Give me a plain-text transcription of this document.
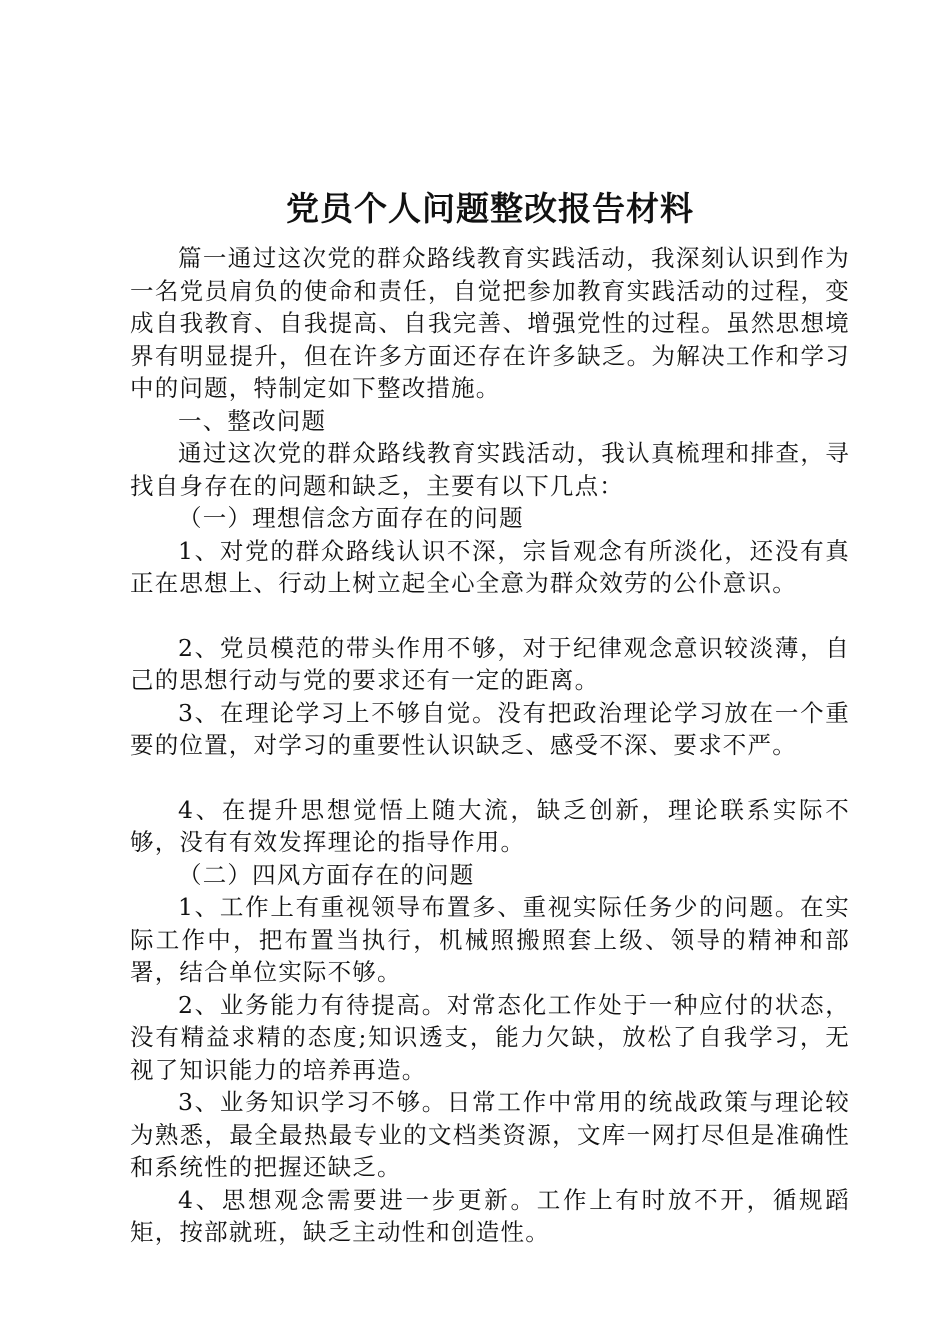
党员个人问题整改报告材料

篇一通过这次党的群众路线教育实践活动，我深刻认识到作为一名党员肩负的使命和责任，自觉把参加教育实践活动的过程，变成自我教育、自我提高、自我完善、增强党性的过程。虽然思想境界有明显提升，但在许多方面还存在许多缺乏。为解决工作和学习中的问题，特制定如下整改措施。

一、整改问题

通过这次党的群众路线教育实践活动，我认真梳理和排查，寻找自身存在的问题和缺乏，主要有以下几点：

（一）理想信念方面存在的问题

1、对党的群众路线认识不深，宗旨观念有所淡化，还没有真正在思想上、行动上树立起全心全意为群众效劳的公仆意识。

2、党员模范的带头作用不够，对于纪律观念意识较淡薄，自己的思想行动与党的要求还有一定的距离。

3、在理论学习上不够自觉。没有把政治理论学习放在一个重要的位置，对学习的重要性认识缺乏、感受不深、要求不严。

4、在提升思想觉悟上随大流，缺乏创新，理论联系实际不够，没有有效发挥理论的指导作用。

（二）四风方面存在的问题

1、工作上有重视领导布置多、重视实际任务少的问题。在实际工作中，把布置当执行，机械照搬照套上级、领导的精神和部署，结合单位实际不够。

2、业务能力有待提高。对常态化工作处于一种应付的状态，没有精益求精的态度;知识透支，能力欠缺，放松了自我学习，无视了知识能力的培养再造。

3、业务知识学习不够。日常工作中常用的统战政策与理论较为熟悉，最全最热最专业的文档类资源，文库一网打尽但是准确性和系统性的把握还缺乏。

4、思想观念需要进一步更新。工作上有时放不开，循规蹈矩，按部就班，缺乏主动性和创造性。
